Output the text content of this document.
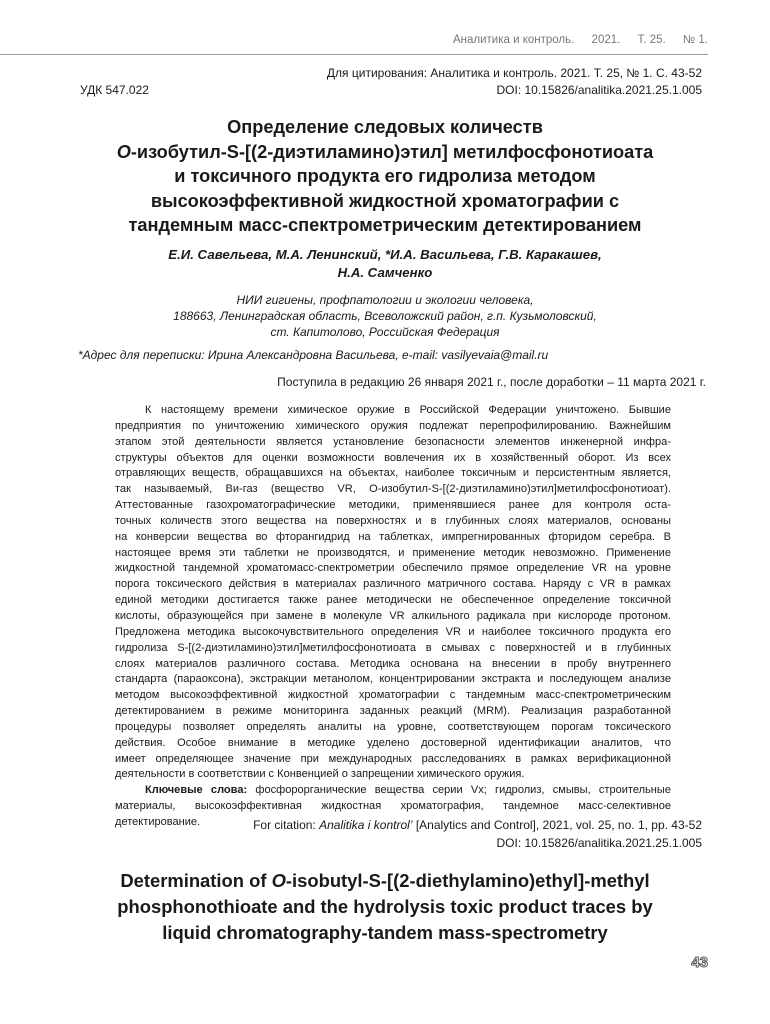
Аналитика и контроль. 2021. Т. 25. № 1.
Для цитирования: Аналитика и контроль. 2021. Т. 25, № 1. С. 43-52
УДК 547.022	DOI: 10.15826/analitika.2021.25.1.005
Определение следовых количеств
O-изобутил-S-[(2-диэтиламино)этил] метилфосфонотиоата
и токсичного продукта его гидролиза методом
высокоэффективной жидкостной хроматографии с
тандемным масс-спектрометрическим детектированием
Е.И. Савельева, М.А. Ленинский, *И.А. Васильева, Г.В. Каракашев,
Н.А. Самченко
НИИ гигиены, профпатологии и экологии человека,
188663, Ленинградская область, Всеволожский район, г.п. Кузьмоловский,
ст. Капитолово, Российская Федерация
*Адрес для переписки: Ирина Александровна Васильева, e-mail: vasilyevaia@mail.ru
Поступила в редакцию 26 января 2021 г., после доработки – 11 марта 2021 г.
К настоящему времени химическое оружие в Российской Федерации уничтожено. Бывшие
предприятия по уничтожению химического оружия подлежат перепрофилированию. Важнейшим
этапом этой деятельности является установление безопасности элементов инженерной инфра-
структуры объектов для оценки возможности вовлечения их в хозяйственный оборот. Из всех
отравляющих веществ, обращавшихся на объектах, наиболее токсичным и персистентным является,
так называемый, Ви-газ (вещество VR, O-изобутил-S-[(2-диэтиламино)этил]метилфосфонотиоат).
Аттестованные газохроматографические методики, применявшиеся ранее для контроля оста-
точных количеств этого вещества на поверхностях и в глубинных слоях материалов, основаны
на конверсии вещества во фторангидрид на таблетках, импрегнированных фторидом серебра. В
настоящее время эти таблетки не производятся, и применение методик невозможно. Применение
жидкостной тандемной хроматомасс-спектрометрии обеспечило прямое определение VR на уровне
порога токсического действия в материалах различного матричного состава. Наряду с VR в рамках
единой методики достигается также ранее методически не обеспеченное определение токсичной
кислоты, образующейся при замене в молекуле VR алкильного радикала при кислороде протоном.
Предложена методика высокочувствительного определения VR и наиболее токсичного продукта его
гидролиза S-[(2-диэтиламино)этил]метилфосфонотиоата в смывах с поверхностей и в глубинных
слоях материалов различного состава. Методика основана на внесении в пробу внутреннего
стандарта (параоксона), экстракции метанолом, концентрировании экстракта и последующем анализе
методом высокоэффективной жидкостной хроматографии с тандемным масс-спектрометрическим
детектированием в режиме мониторинга заданных реакций (MRM). Реализация разработанной
процедуры позволяет определять аналиты на уровне, соответствующем порогам токсического
действия. Особое внимание в методике уделено достоверной идентификации аналитов, что
имеет определяющее значение при международных расследованиях в рамках верификационной
деятельности в соответствии с Конвенцией о запрещении химического оружия.
Ключевые слова: фосфорорганические вещества серии Vx; гидролиз, смывы, строительные
материалы, высокоэффективная жидкостная хроматография, тандемное масс-селективное
детектирование.	For citation: Analitika i kontrol’ [Analytics and Control], 2021, vol. 25, no. 1, pp. 43-52
DOI: 10.15826/analitika.2021.25.1.005
Determination of O-isobutyl-S-[(2-diethylamino)ethyl]-methyl
phosphonothioate and the hydrolysis toxic product traces by
liquid chromatography-tandem mass-spectrometry
43
